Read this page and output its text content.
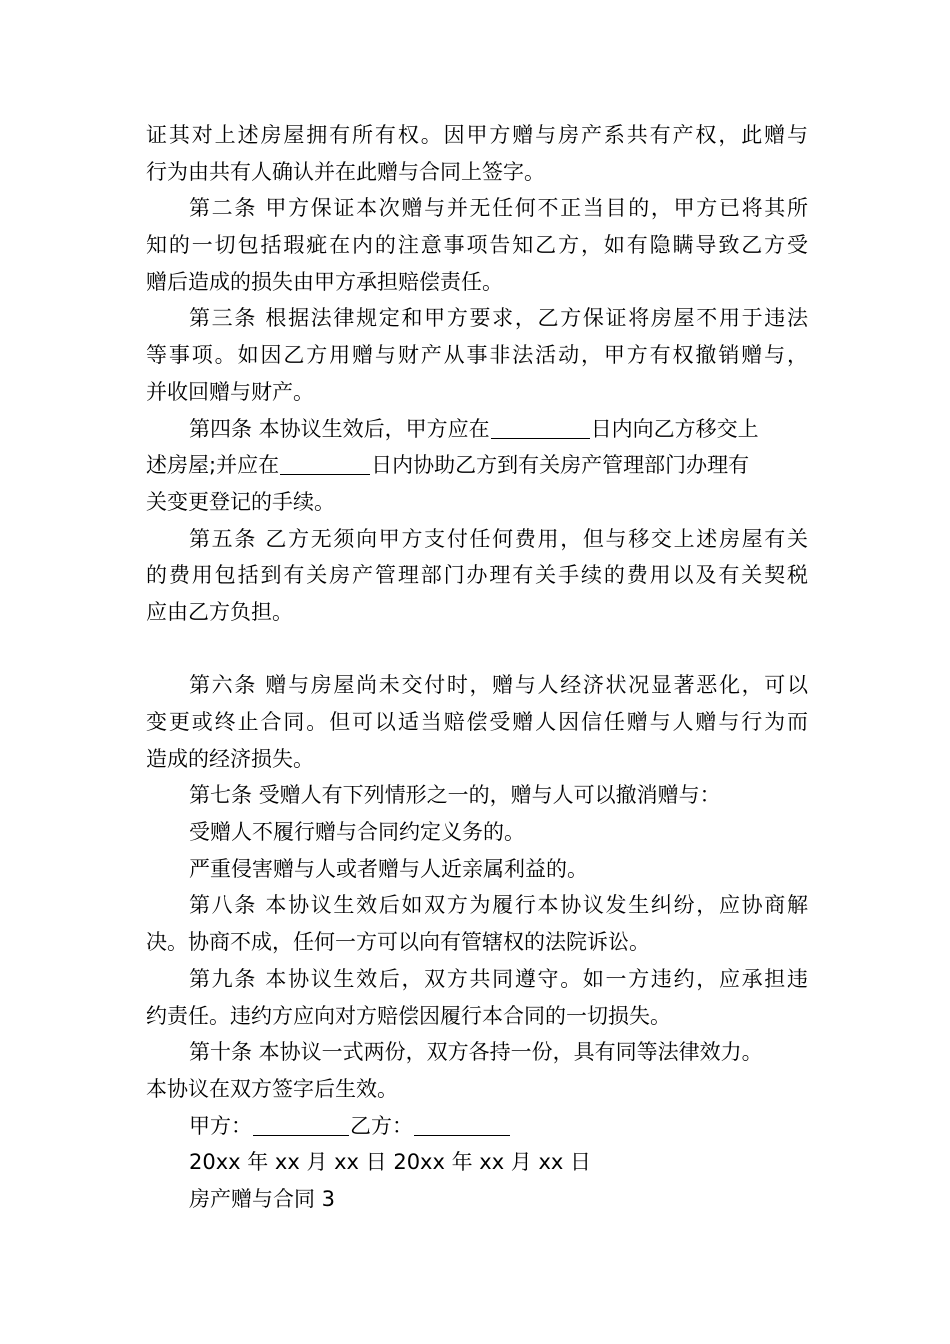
证其对上述房屋拥有所有权。因甲方赠与房产系共有产权，此赠与
行为由共有人确认并在此赠与合同上签字。
第二条 甲方保证本次赠与并无任何不正当目的，甲方已将其所
知的一切包括瑕疵在内的注意事项告知乙方，如有隐瞒导致乙方受
赠后造成的损失由甲方承担赔偿责任。
第三条 根据法律规定和甲方要求，乙方保证将房屋不用于违法
等事项。如因乙方用赠与财产从事非法活动，甲方有权撤销赠与，
并收回赠与财产。
第四条 本协议生效后，甲方应在	日内向乙方移交上
述房屋;并应在	日内协助乙方到有关房产管理部门办理有
关变更登记的手续。
第五条 乙方无须向甲方支付任何费用，但与移交上述房屋有关
的费用包括到有关房产管理部门办理有关手续的费用以及有关契税
应由乙方负担。
第六条 赠与房屋尚未交付时，赠与人经济状况显著恶化，可以
变更或终止合同。但可以适当赔偿受赠人因信任赠与人赠与行为而
造成的经济损失。
第七条 受赠人有下列情形之一的，赠与人可以撤消赠与：
受赠人不履行赠与合同约定义务的。
严重侵害赠与人或者赠与人近亲属利益的。
第八条 本协议生效后如双方为履行本协议发生纠纷，应协商解
决。协商不成，任何一方可以向有管辖权的法院诉讼。
第九条 本协议生效后，双方共同遵守。如一方违约，应承担违
约责任。违约方应向对方赔偿因履行本合同的一切损失。
第十条 本协议一式两份，双方各持一份，具有同等法律效力。
本协议在双方签字后生效。
甲方：	乙方：
20xx 年 xx 月 xx 日 20xx 年 xx 月 xx 日
房产赠与合同 3
